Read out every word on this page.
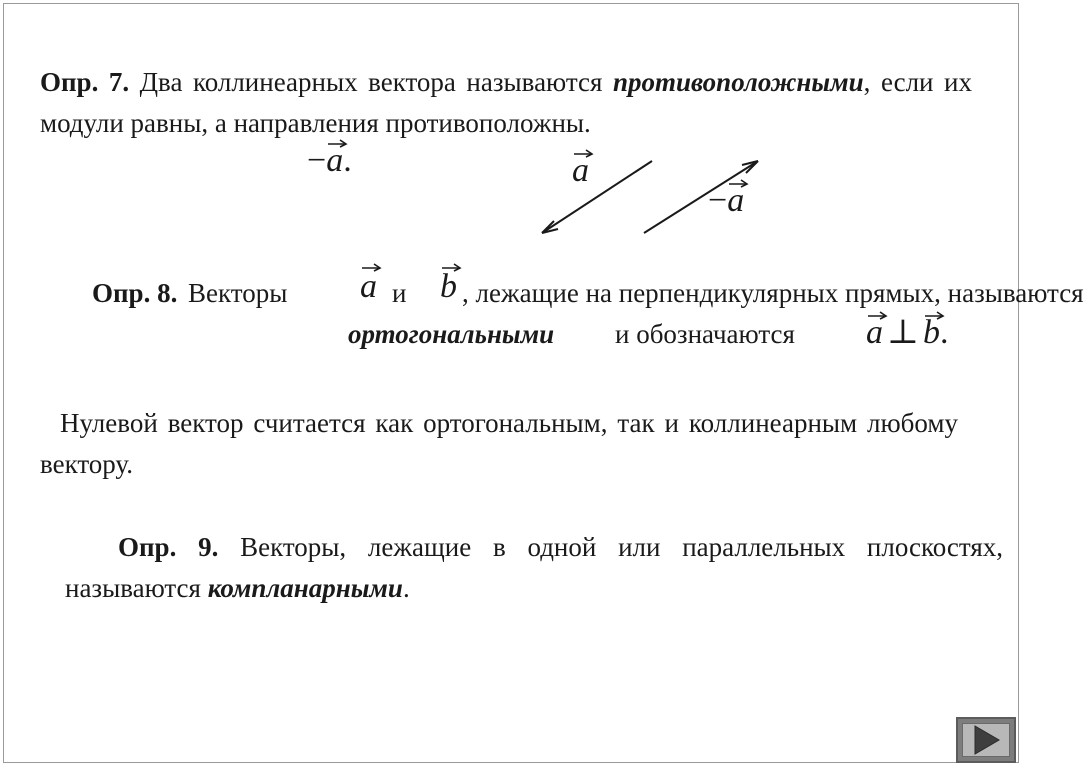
Опр. 7. Два коллинеарных вектора называются противоположными, если их модули равны, а направления противоположны.
−a
.	a
−a
Опр. 8. Векторы a и b , лежащие на перпендикулярных прямых, называются
ортогональными и обозначаются a ⊥ b
.
Нулевой вектор считается как ортогональным, так и коллинеарным любому вектору.
Опр. 9. Векторы, лежащие в одной или параллельных плоскостях, называются компланарными.
